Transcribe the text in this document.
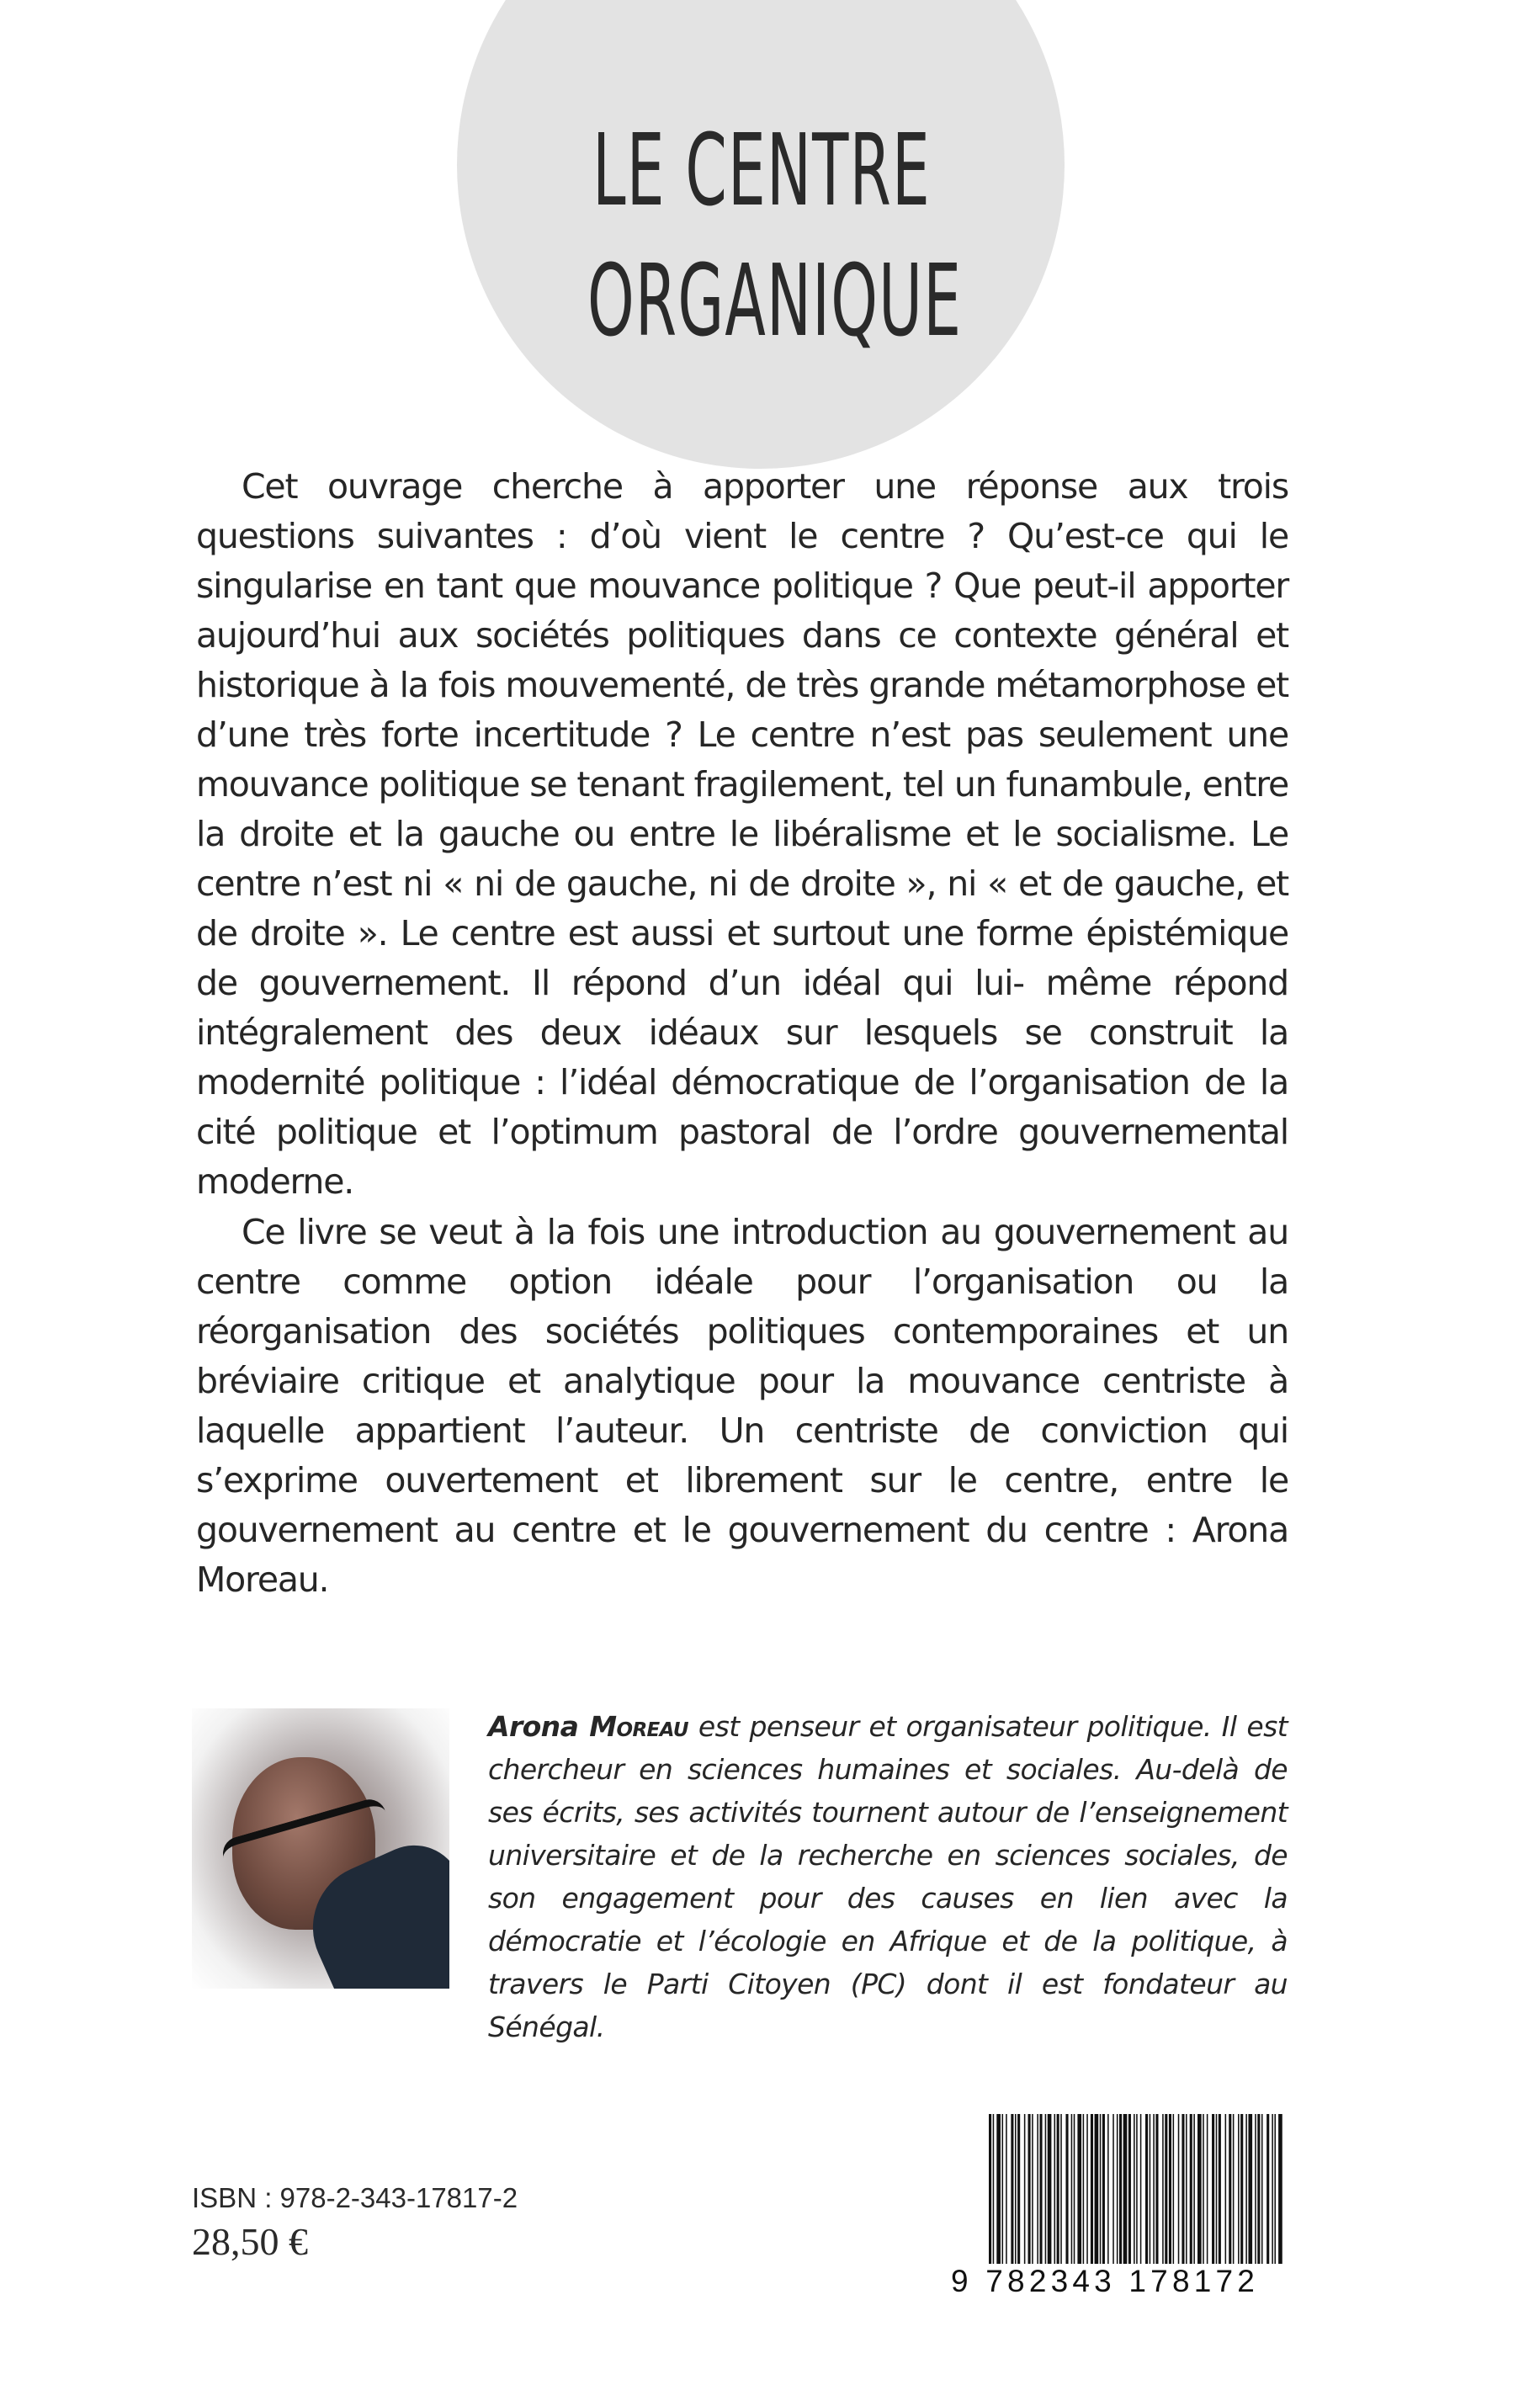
LE CENTRE
ORGANIQUE

Cet ouvrage cherche à apporter une réponse aux trois questions suivantes : d’où vient le centre ? Qu’est-ce qui le singularise en tant que mouvance politique ? Que peut-il apporter aujourd’hui aux sociétés politiques dans ce contexte général et historique à la fois mouvementé, de très grande métamorphose et d’une très forte incertitude ? Le centre n’est pas seulement une mouvance politique se tenant fragilement, tel un funambule, entre la droite et la gauche ou entre le libéralisme et le socialisme. Le centre n’est ni « ni de gauche, ni de droite », ni « et de gauche, et de droite ». Le centre est aussi et surtout une forme épistémique de gouvernement. Il répond d’un idéal qui lui- même répond intégralement des deux idéaux sur lesquels se construit la modernité politique : l’idéal démocratique de l’organisation de la cité politique et l’optimum pastoral de l’ordre gouvernemental moderne.

Ce livre se veut à la fois une introduction au gouvernement au centre comme option idéale pour l’organisation ou la réorganisation des sociétés politiques contemporaines et un bréviaire critique et analytique pour la mouvance centriste à laquelle appartient l’auteur. Un centriste de conviction qui s’exprime ouvertement et librement sur le centre, entre le gouvernement au centre et le gouvernement du centre : Arona Moreau.

Arona Moreau est penseur et organisateur politique. Il est chercheur en sciences humaines et sociales. Au-delà de ses écrits, ses activités tournent autour de l’enseignement universitaire et de la recherche en sciences sociales, de son engagement pour des causes en lien avec la démocratie et l’écologie en Afrique et de la politique, à travers le Parti Citoyen (PC) dont il est fondateur au Sénégal.

ISBN : 978-2-343-17817-2
28,50 €
9 782343 178172
